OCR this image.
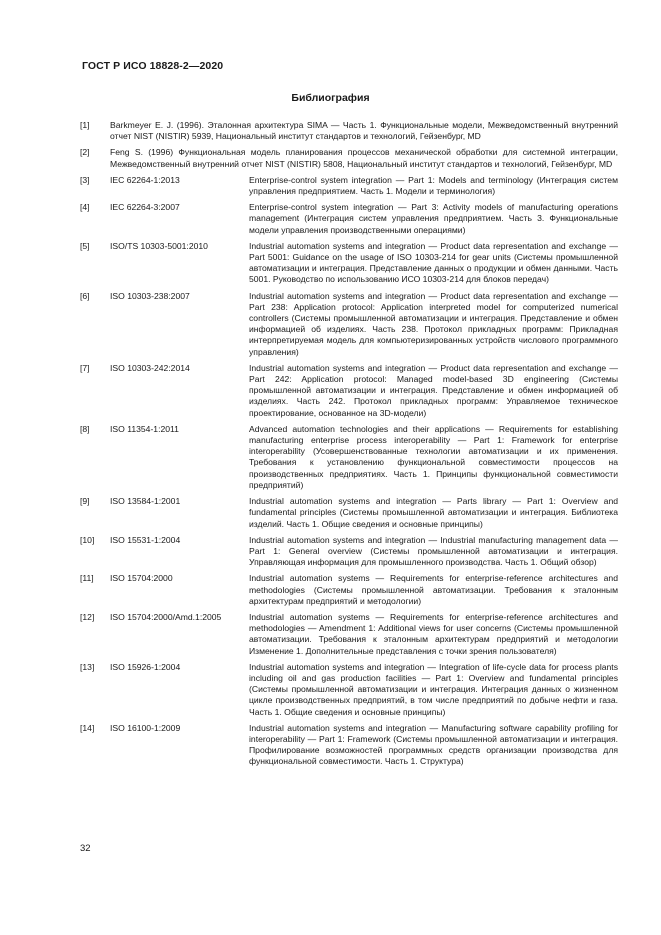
ГОСТ Р ИСО 18828-2—2020
Библиография
[1]	Barkmeyer E. J. (1996). Эталонная архитектура SIMA — Часть 1. Функциональные модели, Межведомственный внутренний отчет NIST (NISTIR) 5939, Национальный институт стандартов и технологий, Гейзенбург, MD
[2]	Feng S. (1996) Функциональная модель планирования процессов механической обработки для системной интеграции, Межведомственный внутренний отчет NIST (NISTIR) 5808, Национальный институт стандартов и технологий, Гейзенбург, MD
[3]	IEC 62264-1:2013	Enterprise-control system integration — Part 1: Models and terminology (Интеграция систем управления предприятием. Часть 1. Модели и терминология)
[4]	IEC 62264-3:2007	Enterprise-control system integration — Part 3: Activity models of manufacturing operations management (Интеграция систем управления предприятием. Часть 3. Функциональные модели управления производственными операциями)
[5]	ISO/TS 10303-5001:2010	Industrial automation systems and integration — Product data representation and exchange — Part 5001: Guidance on the usage of ISO 10303-214 for gear units (Системы промышленной автоматизации и интеграция. Представление данных о продукции и обмен данными. Часть 5001. Руководство по использованию ИСО 10303-214 для блоков передач)
[6]	ISO 10303-238:2007	Industrial automation systems and integration — Product data representation and exchange — Part 238: Application protocol: Application interpreted model for computerized numerical controllers (Системы промышленной автоматизации и интеграция. Представление и обмен информацией об изделиях. Часть 238. Протокол прикладных программ: Прикладная интерпретируемая модель для компьютеризированных устройств числового программного управления)
[7]	ISO 10303-242:2014	Industrial automation systems and integration — Product data representation and exchange — Part 242: Application protocol: Managed model-based 3D engineering (Системы промышленной автоматизации и интеграция. Представление и обмен информацией об изделиях. Часть 242. Протокол прикладных программ: Управляемое техническое проектирование, основанное на 3D-модели)
[8]	ISO 11354-1:2011	Advanced automation technologies and their applications — Requirements for establishing manufacturing enterprise process interoperability — Part 1: Framework for enterprise interoperability (Усовершенствованные технологии автоматизации и их применения. Требования к установлению функциональной совместимости процессов на производственных предприятиях. Часть 1. Принципы функциональной совместимости предприятий)
[9]	ISO 13584-1:2001	Industrial automation systems and integration — Parts library — Part 1: Overview and fundamental principles (Системы промышленной автоматизации и интеграция. Библиотека изделий. Часть 1. Общие сведения и основные принципы)
[10]	ISO 15531-1:2004	Industrial automation systems and integration — Industrial manufacturing management data — Part 1: General overview (Системы промышленной автоматизации и интеграция. Управляющая информация для промышленного производства. Часть 1. Общий обзор)
[11]	ISO 15704:2000	Industrial automation systems — Requirements for enterprise-reference architectures and methodologies (Системы промышленной автоматизации. Требования к эталонным архитектурам предприятий и методологии)
[12]	ISO 15704:2000/Amd.1:2005	Industrial automation systems — Requirements for enterprise-reference architectures and methodologies — Amendment 1: Additional views for user concerns (Системы промышленной автоматизации. Требования к эталонным архитектурам предприятий и методологии Изменение 1. Дополнительные представления с точки зрения пользователя)
[13]	ISO 15926-1:2004	Industrial automation systems and integration — Integration of life-cycle data for process plants including oil and gas production facilities — Part 1: Overview and fundamental principles (Системы промышленной автоматизации и интеграция. Интеграция данных о жизненном цикле производственных предприятий, в том числе предприятий по добыче нефти и газа. Часть 1. Общие сведения и основные принципы)
[14]	ISO 16100-1:2009	Industrial automation systems and integration — Manufacturing software capability profiling for interoperability — Part 1: Framework (Системы промышленной автоматизации и интеграция. Профилирование возможностей программных средств организации производства для функциональной совместимости. Часть 1. Структура)
32
